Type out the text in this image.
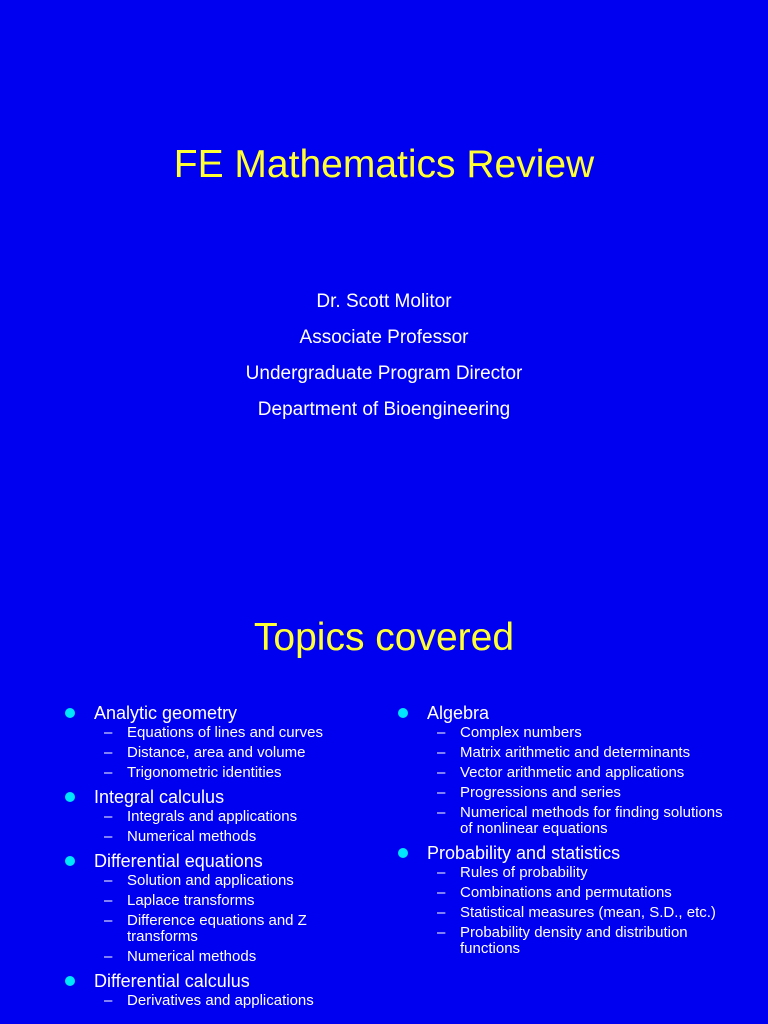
FE Mathematics Review
Dr. Scott Molitor
Associate Professor
Undergraduate Program Director
Department of Bioengineering
Topics covered
Analytic geometry
– Equations of lines and curves
– Distance, area and volume
– Trigonometric identities
Integral calculus
– Integrals and applications
– Numerical methods
Differential equations
– Solution and applications
– Laplace transforms
– Difference equations and Z transforms
– Numerical methods
Differential calculus
– Derivatives and applications
Algebra
– Complex numbers
– Matrix arithmetic and determinants
– Vector arithmetic and applications
– Progressions and series
– Numerical methods for finding solutions of nonlinear equations
Probability and statistics
– Rules of probability
– Combinations and permutations
– Statistical measures (mean, S.D., etc.)
– Probability density and distribution functions
